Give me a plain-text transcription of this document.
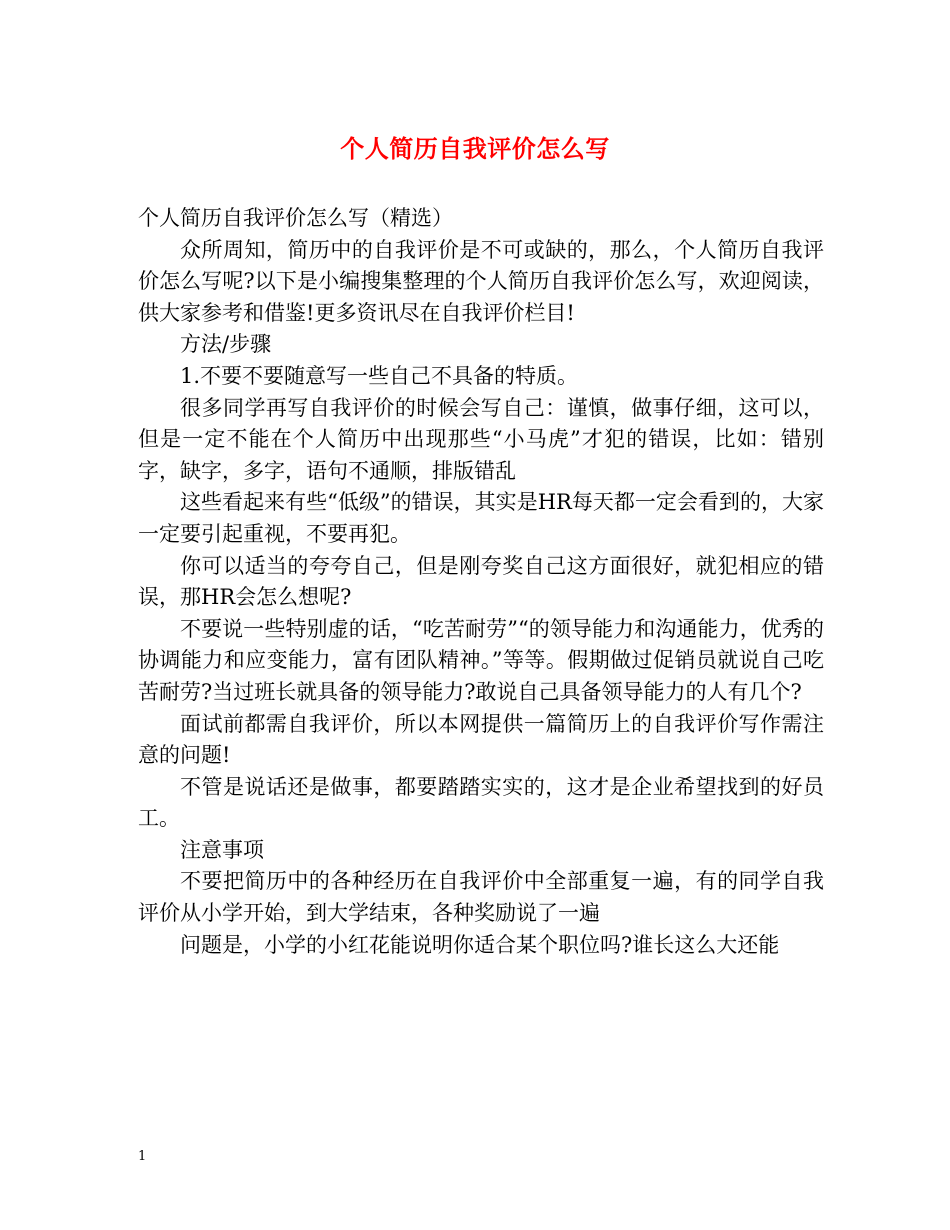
个人简历自我评价怎么写

个人简历自我评价怎么写（精选）

众所周知，简历中的自我评价是不可或缺的，那么，个人简历自我评价怎么写呢?以下是小编搜集整理的个人简历自我评价怎么写，欢迎阅读，供大家参考和借鉴!更多资讯尽在自我评价栏目!

方法/步骤

1.不要不要随意写一些自己不具备的特质。

很多同学再写自我评价的时候会写自己：谨慎，做事仔细，这可以，但是一定不能在个人简历中出现那些“小马虎”才犯的错误，比如：错别字，缺字，多字，语句不通顺，排版错乱

这些看起来有些“低级”的错误，其实是HR每天都一定会看到的，大家一定要引起重视，不要再犯。

你可以适当的夸夸自己，但是刚夸奖自己这方面很好，就犯相应的错误，那HR会怎么想呢?

不要说一些特别虚的话，“吃苦耐劳”“的领导能力和沟通能力，优秀的协调能力和应变能力，富有团队精神。”等等。假期做过促销员就说自己吃苦耐劳?当过班长就具备的领导能力?敢说自己具备领导能力的人有几个?

面试前都需自我评价，所以本网提供一篇简历上的自我评价写作需注意的问题!

不管是说话还是做事，都要踏踏实实的，这才是企业希望找到的好员工。

注意事项

不要把简历中的各种经历在自我评价中全部重复一遍，有的同学自我评价从小学开始，到大学结束，各种奖励说了一遍

问题是，小学的小红花能说明你适合某个职位吗?谁长这么大还能

1
